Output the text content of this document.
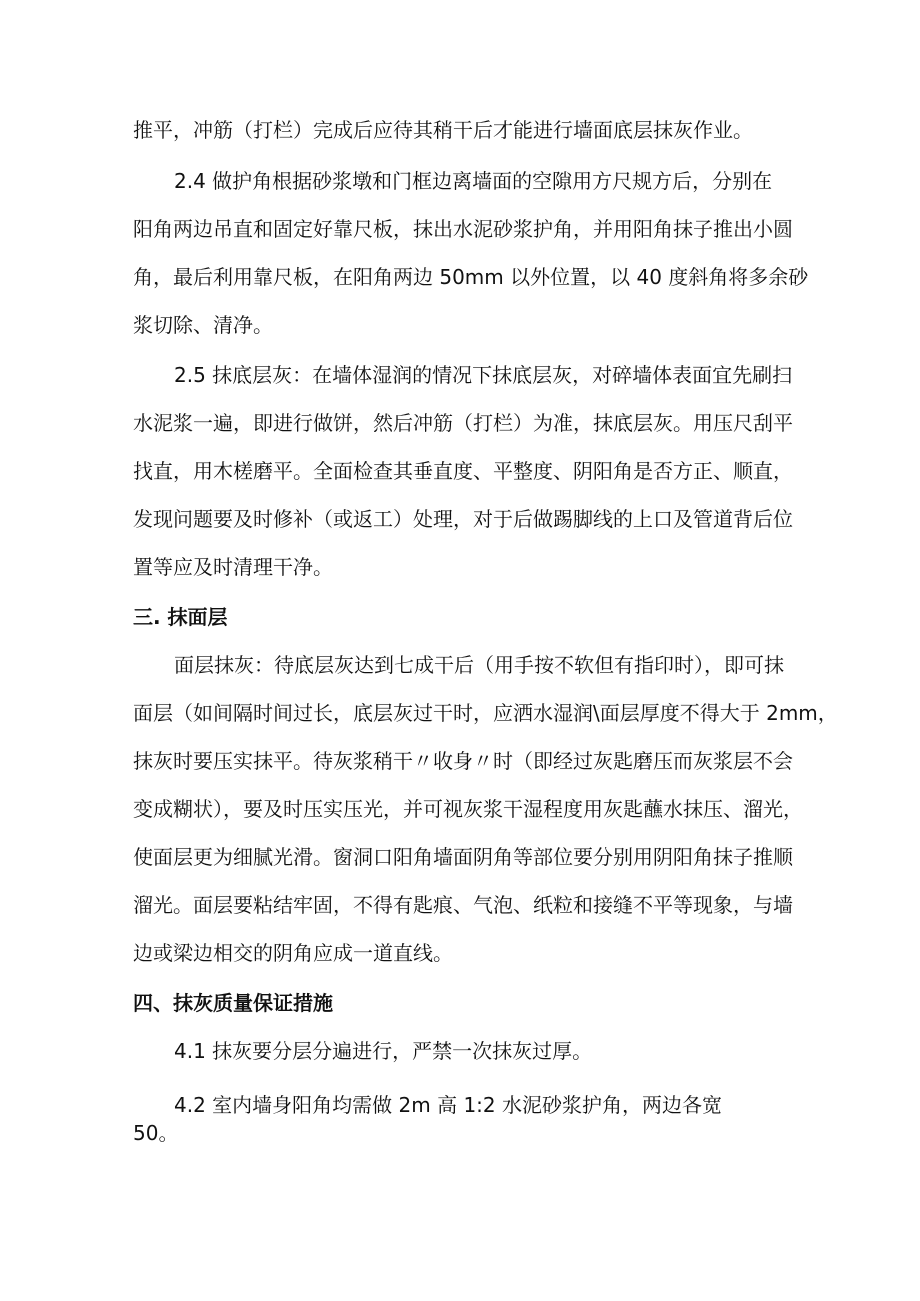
推平，冲筋（打栏）完成后应待其稍干后才能进行墙面底层抹灰作业。

2.4 做护角根据砂浆墩和门框边离墙面的空隙用方尺规方后，分别在

阳角两边吊直和固定好靠尺板，抹出水泥砂浆护角，并用阳角抹子推出小圆

角，最后利用靠尺板，在阳角两边 50mm 以外位置，以 40 度斜角将多余砂

浆切除、清净。

2.5 抹底层灰：在墙体湿润的情况下抹底层灰，对碎墙体表面宜先刷扫

水泥浆一遍，即进行做饼，然后冲筋（打栏）为准，抹底层灰。用压尺刮平

找直，用木槎磨平。全面检查其垂直度、平整度、阴阳角是否方正、顺直，

发现问题要及时修补（或返工）处理，对于后做踢脚线的上口及管道背后位

置等应及时清理干净。

三. 抹面层

面层抹灰：待底层灰达到七成干后（用手按不软但有指印时），即可抹

面层（如间隔时间过长，底层灰过干时，应洒水湿润\面层厚度不得大于 2mm，

抹灰时要压实抹平。待灰浆稍干〃收身〃时（即经过灰匙磨压而灰浆层不会

变成糊状），要及时压实压光，并可视灰浆干湿程度用灰匙蘸水抹压、溜光，

使面层更为细腻光滑。窗洞口阳角墙面阴角等部位要分别用阴阳角抹子推顺

溜光。面层要粘结牢固，不得有匙痕、气泡、纸粒和接缝不平等现象，与墙

边或梁边相交的阴角应成一道直线。

四、抹灰质量保证措施

4.1 抹灰要分层分遍进行，严禁一次抹灰过厚。

4.2 室内墙身阳角均需做 2m 高 1:2 水泥砂浆护角，两边各宽

50。
